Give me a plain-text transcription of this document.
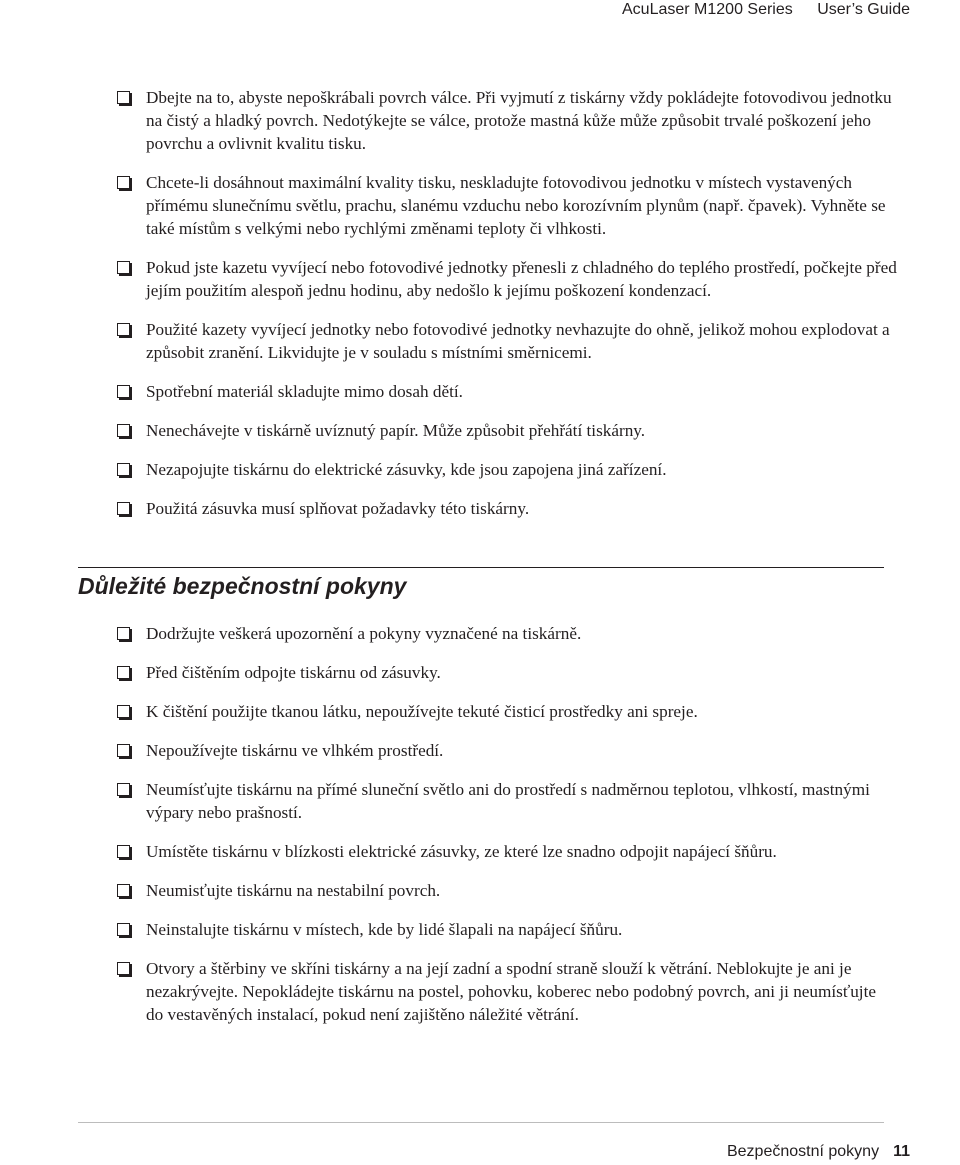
AcuLaser M1200 Series User’s Guide
Dbejte na to, abyste nepoškrábali povrch válce. Při vyjmutí z tiskárny vždy pokládejte fotovodivou jednotku na čistý a hladký povrch. Nedotýkejte se válce, protože mastná kůže může způsobit trvalé poškození jeho povrchu a ovlivnit kvalitu tisku.
Chcete-li dosáhnout maximální kvality tisku, neskladujte fotovodivou jednotku v místech vystavených přímému slunečnímu světlu, prachu, slanému vzduchu nebo korozívním plynům (např. čpavek). Vyhněte se také místům s velkými nebo rychlými změnami teploty či vlhkosti.
Pokud jste kazetu vyvíjecí nebo fotovodivé jednotky přenesli z chladného do teplého prostředí, počkejte před jejím použitím alespoň jednu hodinu, aby nedošlo k jejímu poškození kondenzací.
Použité kazety vyvíjecí jednotky nebo fotovodivé jednotky nevhazujte do ohně, jelikož mohou explodovat a způsobit zranění. Likvidujte je v souladu s místními směrnicemi.
Spotřební materiál skladujte mimo dosah dětí.
Nenechávejte v tiskárně uvíznutý papír. Může způsobit přehřátí tiskárny.
Nezapojujte tiskárnu do elektrické zásuvky, kde jsou zapojena jiná zařízení.
Použitá zásuvka musí splňovat požadavky této tiskárny.
Důležité bezpečnostní pokyny
Dodržujte veškerá upozornění a pokyny vyznačené na tiskárně.
Před čištěním odpojte tiskárnu od zásuvky.
K čištění použijte tkanou látku, nepoužívejte tekuté čisticí prostředky ani spreje.
Nepoužívejte tiskárnu ve vlhkém prostředí.
Neumísťujte tiskárnu na přímé sluneční světlo ani do prostředí s nadměrnou teplotou, vlhkostí, mastnými výpary nebo prašností.
Umístěte tiskárnu v blízkosti elektrické zásuvky, ze které lze snadno odpojit napájecí šňůru.
Neumisťujte tiskárnu na nestabilní povrch.
Neinstalujte tiskárnu v místech, kde by lidé šlapali na napájecí šňůru.
Otvory a štěrbiny ve skříni tiskárny a na její zadní a spodní straně slouží k větrání. Neblokujte je ani je nezakrývejte. Nepokládejte tiskárnu na postel, pohovku, koberec nebo podobný povrch, ani ji neumísťujte do vestavěných instalací, pokud není zajištěno náležité větrání.
Bezpečnostní pokyny 11
